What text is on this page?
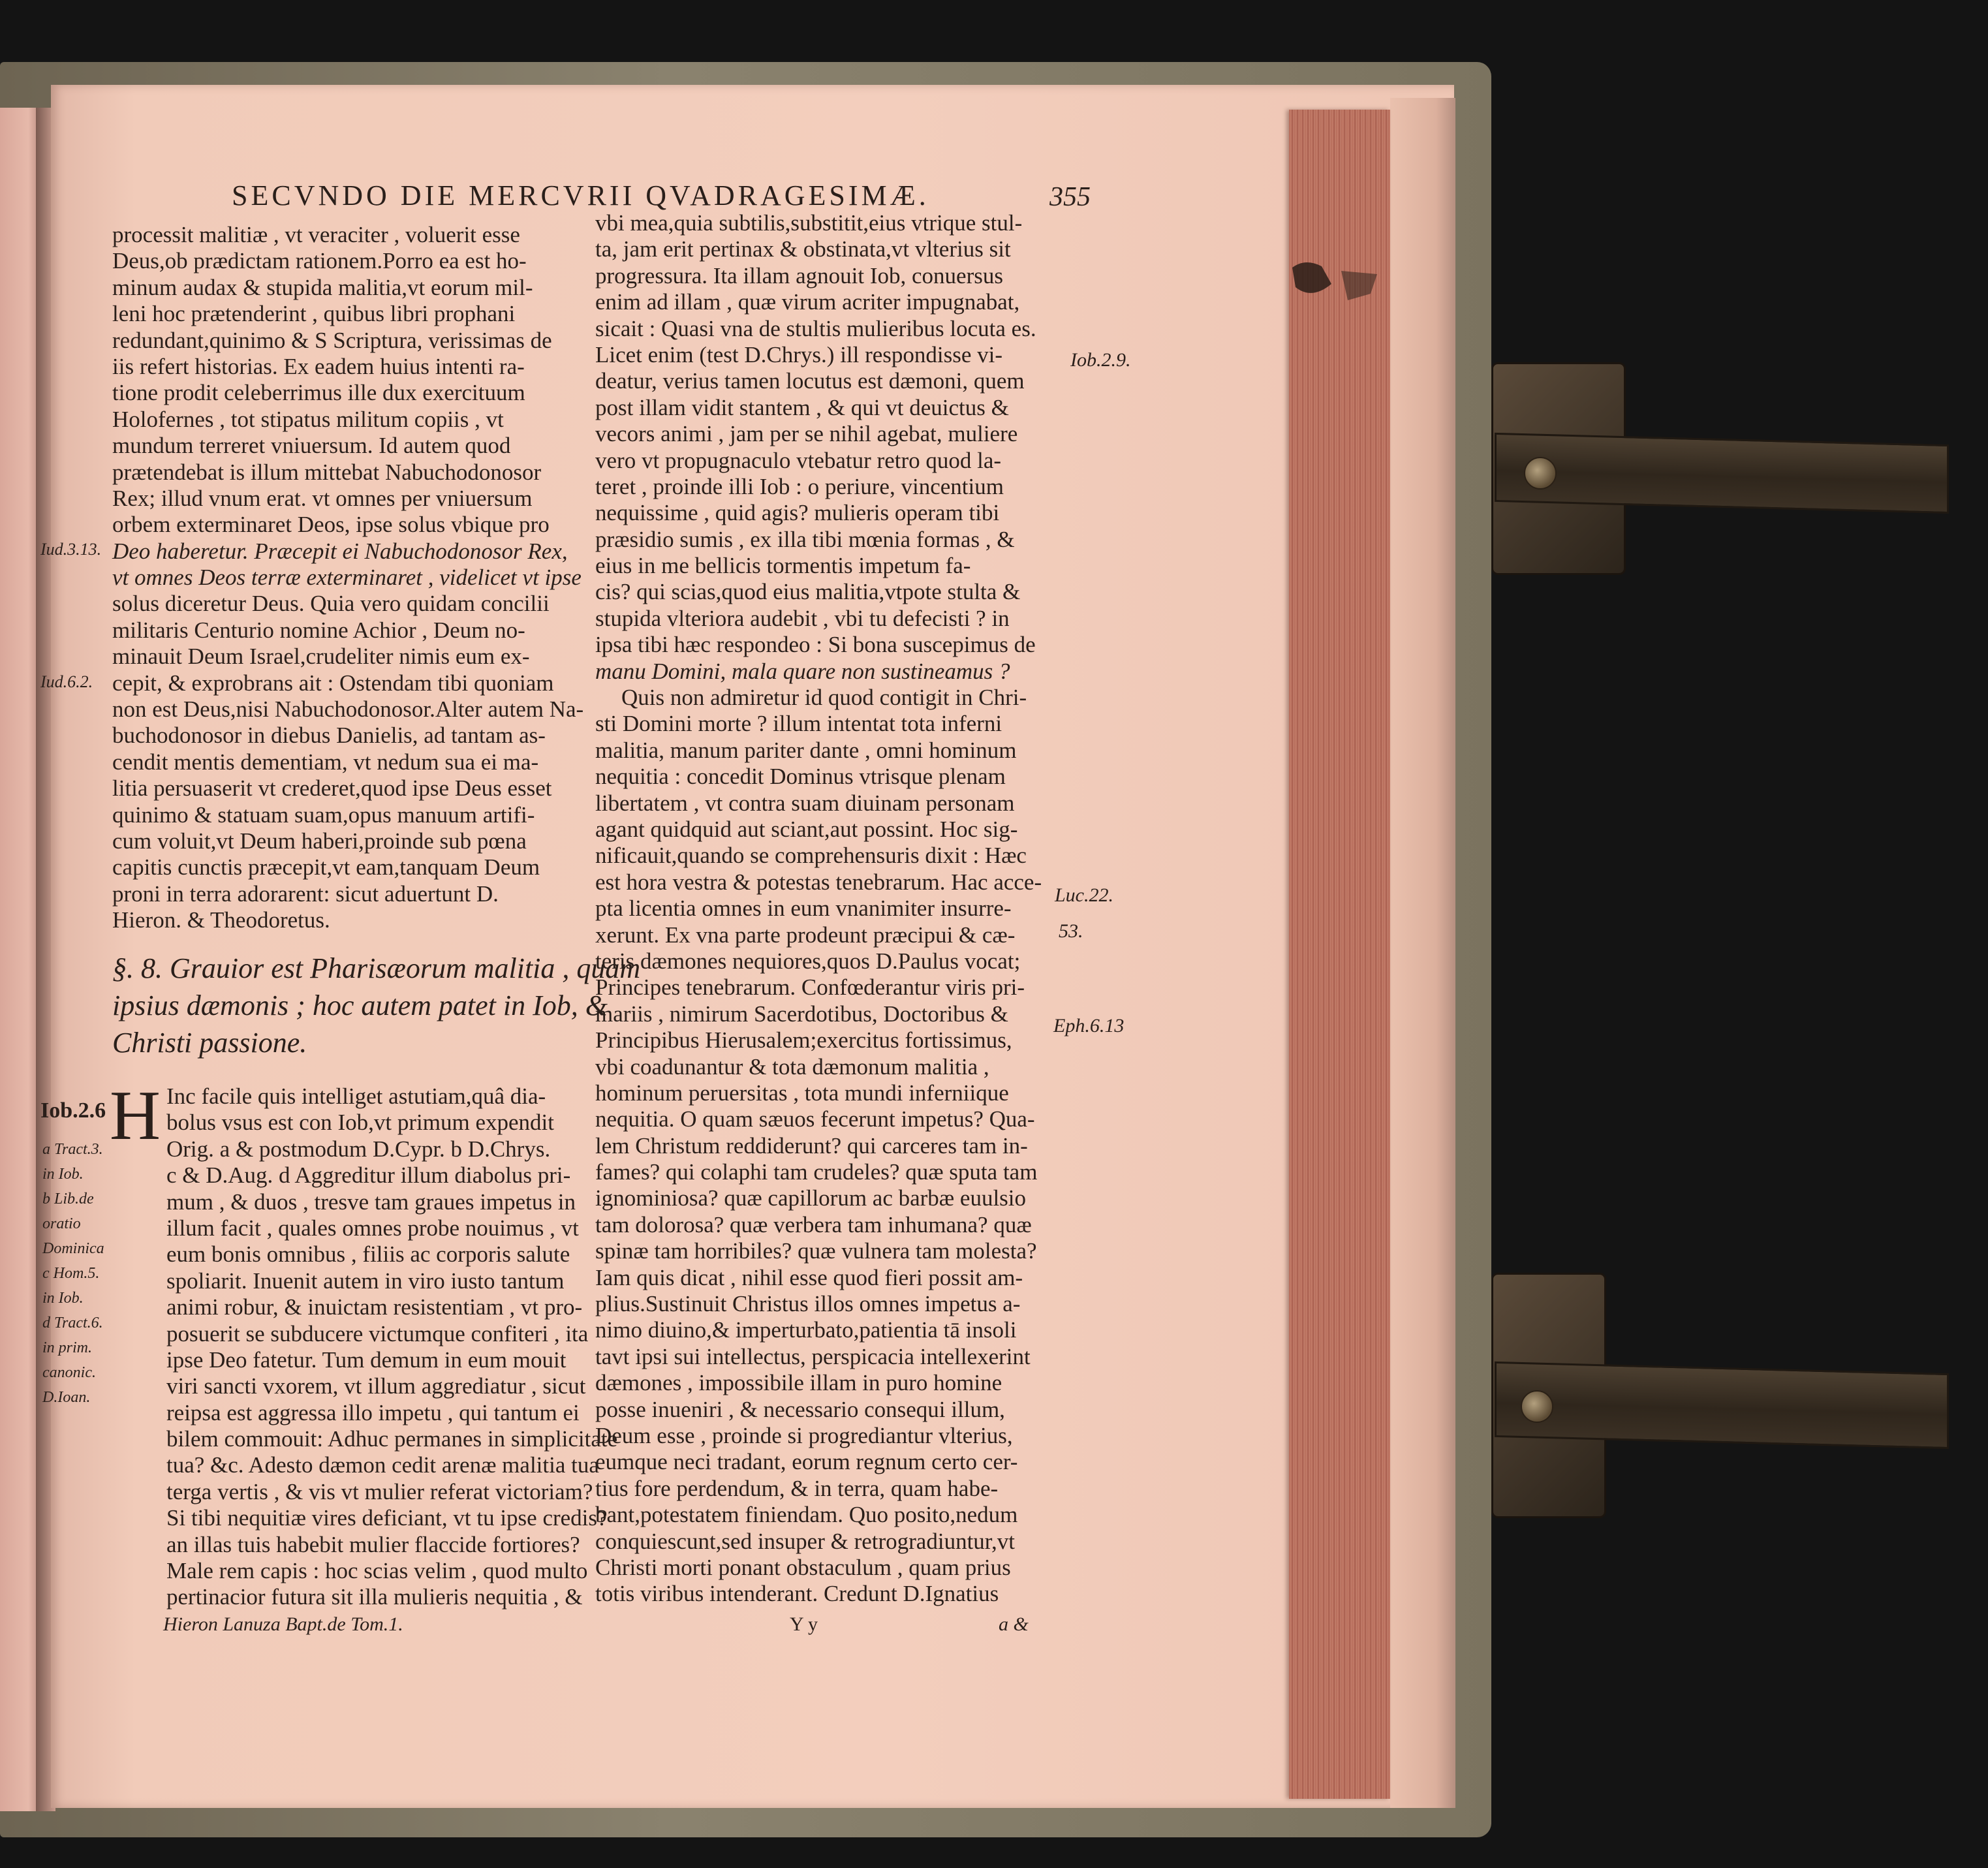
SECVNDO DIE MERCVRII QVADRAGESIMÆ.	355
processit malitiæ , vt veraciter , voluerit esse
Deus,ob prædictam rationem.Porro ea est ho-
minum audax & stupida malitia,vt eorum mil-
leni hoc prætenderint , quibus libri prophani
redundant,quinimo & S Scriptura, verissimas de
iis refert historias. Ex eadem huius intenti ra-
tione prodit celeberrimus ille dux exercituum
Holofernes , tot stipatus militum copiis , vt
mundum terreret vniuersum. Id autem quod
prætendebat is illum mittebat Nabuchodonosor
Rex; illud vnum erat. vt omnes per vniuersum
orbem exterminaret Deos, ipse solus vbique pro
Deo haberetur. Præcepit ei Nabuchodonosor Rex,
vt omnes Deos terræ exterminaret , videlicet vt ipse
solus diceretur Deus. Quia vero quidam concilii
militaris Centurio nomine Achior , Deum no-
minauit Deum Israel,crudeliter nimis eum ex-
cepit, & exprobrans ait : Ostendam tibi quoniam
non est Deus,nisi Nabuchodonosor.Alter autem Na-
buchodonosor in diebus Danielis, ad tantam as-
cendit mentis dementiam, vt nedum sua ei ma-
litia persuaserit vt crederet,quod ipse Deus esset
quinimo & statuam suam,opus manuum artifi-
cum voluit,vt Deum haberi,proinde sub pœna
capitis cunctis præcepit,vt eam,tanquam Deum
proni in terra adorarent: sicut aduertunt D.
Hieron. & Theodoretus.
§. 8. Grauior est Pharisæorum malitia , quam
ipsius dæmonis ; hoc autem patet in Iob, &
Christi passione.
H Inc facile quis intelliget astutiam,quâ dia-
bolus vsus est con Iob,vt primum expendit
Orig. a & postmodum D.Cypr. b D.Chrys.
c & D.Aug. d Aggreditur illum diabolus pri-
mum , & duos , tresve tam graues impetus in
illum facit , quales omnes probe nouimus , vt
eum bonis omnibus , filiis ac corporis salute
spoliarit. Inuenit autem in viro iusto tantum
animi robur, & inuictam resistentiam , vt pro-
posuerit se subducere victumque confiteri , ita
ipse Deo fatetur. Tum demum in eum mouit
viri sancti vxorem, vt illum aggrediatur , sicut
reipsa est aggressa illo impetu , qui tantum ei
bilem commouit: Adhuc permanes in simplicitate
tua? &c. Adesto dæmon cedit arenæ malitia tua
terga vertis , & vis vt mulier referat victoriam?
Si tibi nequitiæ vires deficiant, vt tu ipse credis?
an illas tuis habebit mulier flaccide fortiores?
Male rem capis : hoc scias velim , quod multo
pertinacior futura sit illa mulieris nequitia , &
Hieron Lanuza Bapt.de Tom.1.
Iud.3.13.
Iud.6.2.
Iob.2.6
a Tract.3.
in Iob.
b Lib.de
oratio
Dominica
c Hom.5.
in Iob.
d Tract.6.
in prim.
canonic.
D.Ioan.
vbi mea,quia subtilis,substitit,eius vtrique stul-
ta, jam erit pertinax & obstinata,vt vlterius sit
progressura. Ita illam agnouit Iob, conuersus
enim ad illam , quæ virum acriter impugnabat,
sicait : Quasi vna de stultis mulieribus locuta es.
Licet enim (test D.Chrys.) ill respondisse vi-
deatur, verius tamen locutus est dæmoni, quem
post illam vidit stantem , & qui vt deuictus &
vecors animi , jam per se nihil agebat, muliere
vero vt propugnaculo vtebatur retro quod la-
teret , proinde illi Iob : o periure, vincentium
nequissime , quid agis? mulieris operam tibi
præsidio sumis , ex illa tibi mœnia formas , &
eius in me bellicis tormentis impetum fa-
cis? qui scias,quod eius malitia,vtpote stulta &
stupida vlteriora audebit , vbi tu defecisti ? in
ipsa tibi hæc respondeo : Si bona suscepimus de
manu Domini, mala quare non sustineamus ?
Quis non admiretur id quod contigit in Chri-
sti Domini morte ? illum intentat tota inferni
malitia, manum pariter dante , omni hominum
nequitia : concedit Dominus vtrisque plenam
libertatem , vt contra suam diuinam personam
agant quidquid aut sciant,aut possint. Hoc sig-
nificauit,quando se comprehensuris dixit : Hæc
est hora vestra & potestas tenebrarum. Hac acce-
pta licentia omnes in eum vnanimiter insurre-
xerunt. Ex vna parte prodeunt præcipui & cæ-
teris dæmones nequiores,quos D.Paulus vocat;
Principes tenebrarum. Confœderantur viris pri-
mariis , nimirum Sacerdotibus, Doctoribus &
Principibus Hierusalem;exercitus fortissimus,
vbi coadunantur & tota dæmonum malitia ,
hominum peruersitas , tota mundi inferniique
nequitia. O quam sæuos fecerunt impetus? Qua-
lem Christum reddiderunt? qui carceres tam in-
fames? qui colaphi tam crudeles? quæ sputa tam
ignominiosa? quæ capillorum ac barbæ euulsio
tam dolorosa? quæ verbera tam inhumana? quæ
spinæ tam horribiles? quæ vulnera tam molesta?
Iam quis dicat , nihil esse quod fieri possit am-
plius.Sustinuit Christus illos omnes impetus a-
nimo diuino,& imperturbato,patientia tā insoli
tavt ipsi sui intellectus, perspicacia intellexerint
dæmones , impossibile illam in puro homine
posse inueniri , & necessario consequi illum,
Deum esse , proinde si progrediantur vlterius,
eumque neci tradant, eorum regnum certo cer-
tius fore perdendum, & in terra, quam habe-
bant,potestatem finiendam. Quo posito,nedum
conquiescunt,sed insuper & retrogradiuntur,vt
Christi morti ponant obstaculum , quam prius
totis viribus intenderant. Credunt D.Ignatius
Y y	a &
Iob.2.9.
Luc.22.
53.
Eph.6.13
